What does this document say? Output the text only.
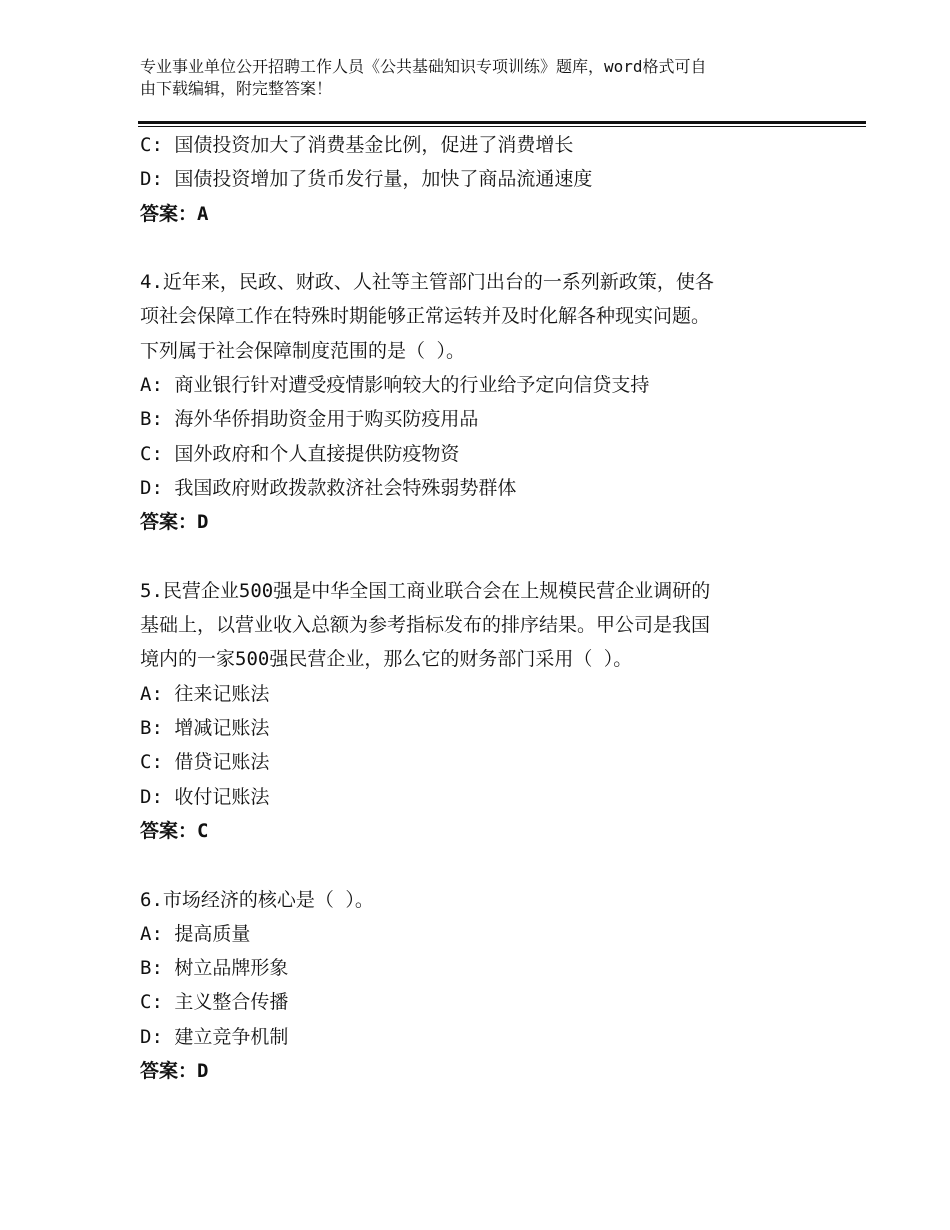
专业事业单位公开招聘工作人员《公共基础知识专项训练》题库，word格式可自
由下载编辑，附完整答案！
C: 国债投资加大了消费基金比例，促进了消费增长
D: 国债投资增加了货币发行量，加快了商品流通速度
答案：A
4.近年来，民政、财政、人社等主管部门出台的一系列新政策，使各
项社会保障工作在特殊时期能够正常运转并及时化解各种现实问题。
下列属于社会保障制度范围的是（ ）。
A: 商业银行针对遭受疫情影响较大的行业给予定向信贷支持
B: 海外华侨捐助资金用于购买防疫用品
C: 国外政府和个人直接提供防疫物资
D: 我国政府财政拨款救济社会特殊弱势群体
答案：D
5.民营企业500强是中华全国工商业联合会在上规模民营企业调研的
基础上，以营业收入总额为参考指标发布的排序结果。甲公司是我国
境内的一家500强民营企业，那么它的财务部门采用（ ）。
A: 往来记账法
B: 增减记账法
C: 借贷记账法
D: 收付记账法
答案：C
6.市场经济的核心是（ ）。
A: 提高质量
B: 树立品牌形象
C: 主义整合传播
D: 建立竞争机制
答案：D
